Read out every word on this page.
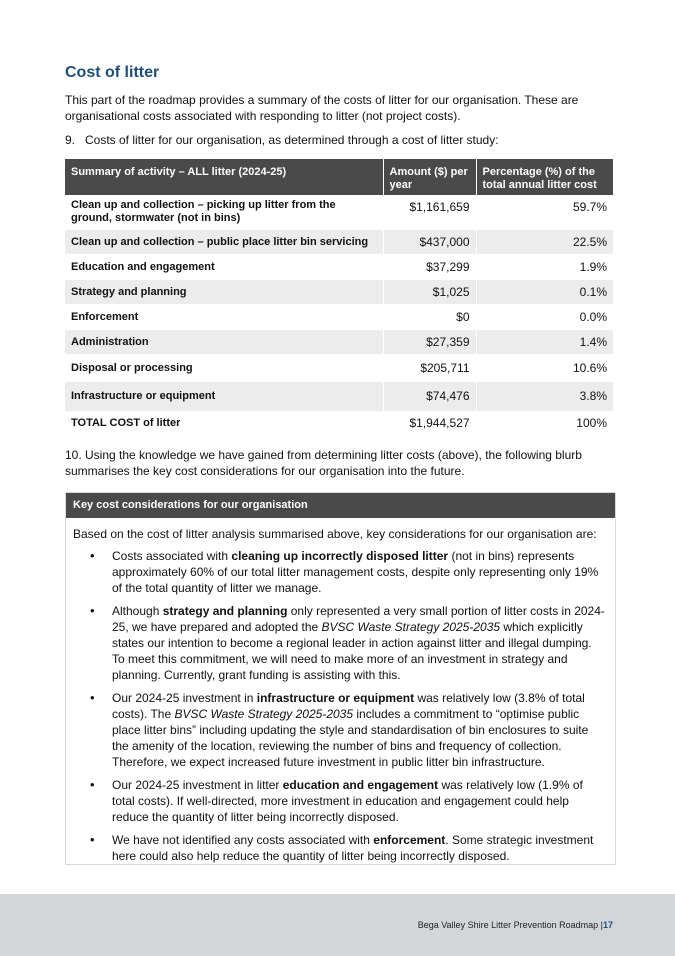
Cost of litter
This part of the roadmap provides a summary of the costs of litter for our organisation. These are organisational costs associated with responding to litter (not project costs).
9. Costs of litter for our organisation, as determined through a cost of litter study:
Summary of activity – ALL litter (2024-25)	Amount ($) per year	Percentage (%) of the total annual litter cost
Clean up and collection – picking up litter from the ground, stormwater (not in bins)	$1,161,659	59.7%
Clean up and collection – public place litter bin servicing	$437,000	22.5%
Education and engagement	$37,299	1.9%
Strategy and planning	$1,025	0.1%
Enforcement	$0	0.0%
Administration	$27,359	1.4%
Disposal or processing	$205,711	10.6%
Infrastructure or equipment	$74,476	3.8%
TOTAL COST of litter	$1,944,527	100%
10. Using the knowledge we have gained from determining litter costs (above), the following blurb summarises the key cost considerations for our organisation into the future.
Key cost considerations for our organisation
Based on the cost of litter analysis summarised above, key considerations for our organisation are:
• Costs associated with cleaning up incorrectly disposed litter (not in bins) represents approximately 60% of our total litter management costs, despite only representing only 19% of the total quantity of litter we manage.
• Although strategy and planning only represented a very small portion of litter costs in 2024-25, we have prepared and adopted the BVSC Waste Strategy 2025-2035 which explicitly states our intention to become a regional leader in action against litter and illegal dumping. To meet this commitment, we will need to make more of an investment in strategy and planning. Currently, grant funding is assisting with this.
• Our 2024-25 investment in infrastructure or equipment was relatively low (3.8% of total costs). The BVSC Waste Strategy 2025-2035 includes a commitment to “optimise public place litter bins” including updating the style and standardisation of bin enclosures to suite the amenity of the location, reviewing the number of bins and frequency of collection. Therefore, we expect increased future investment in public litter bin infrastructure.
• Our 2024-25 investment in litter education and engagement was relatively low (1.9% of total costs). If well-directed, more investment in education and engagement could help reduce the quantity of litter being incorrectly disposed.
• We have not identified any costs associated with enforcement. Some strategic investment here could also help reduce the quantity of litter being incorrectly disposed.
Bega Valley Shire Litter Prevention Roadmap |17
